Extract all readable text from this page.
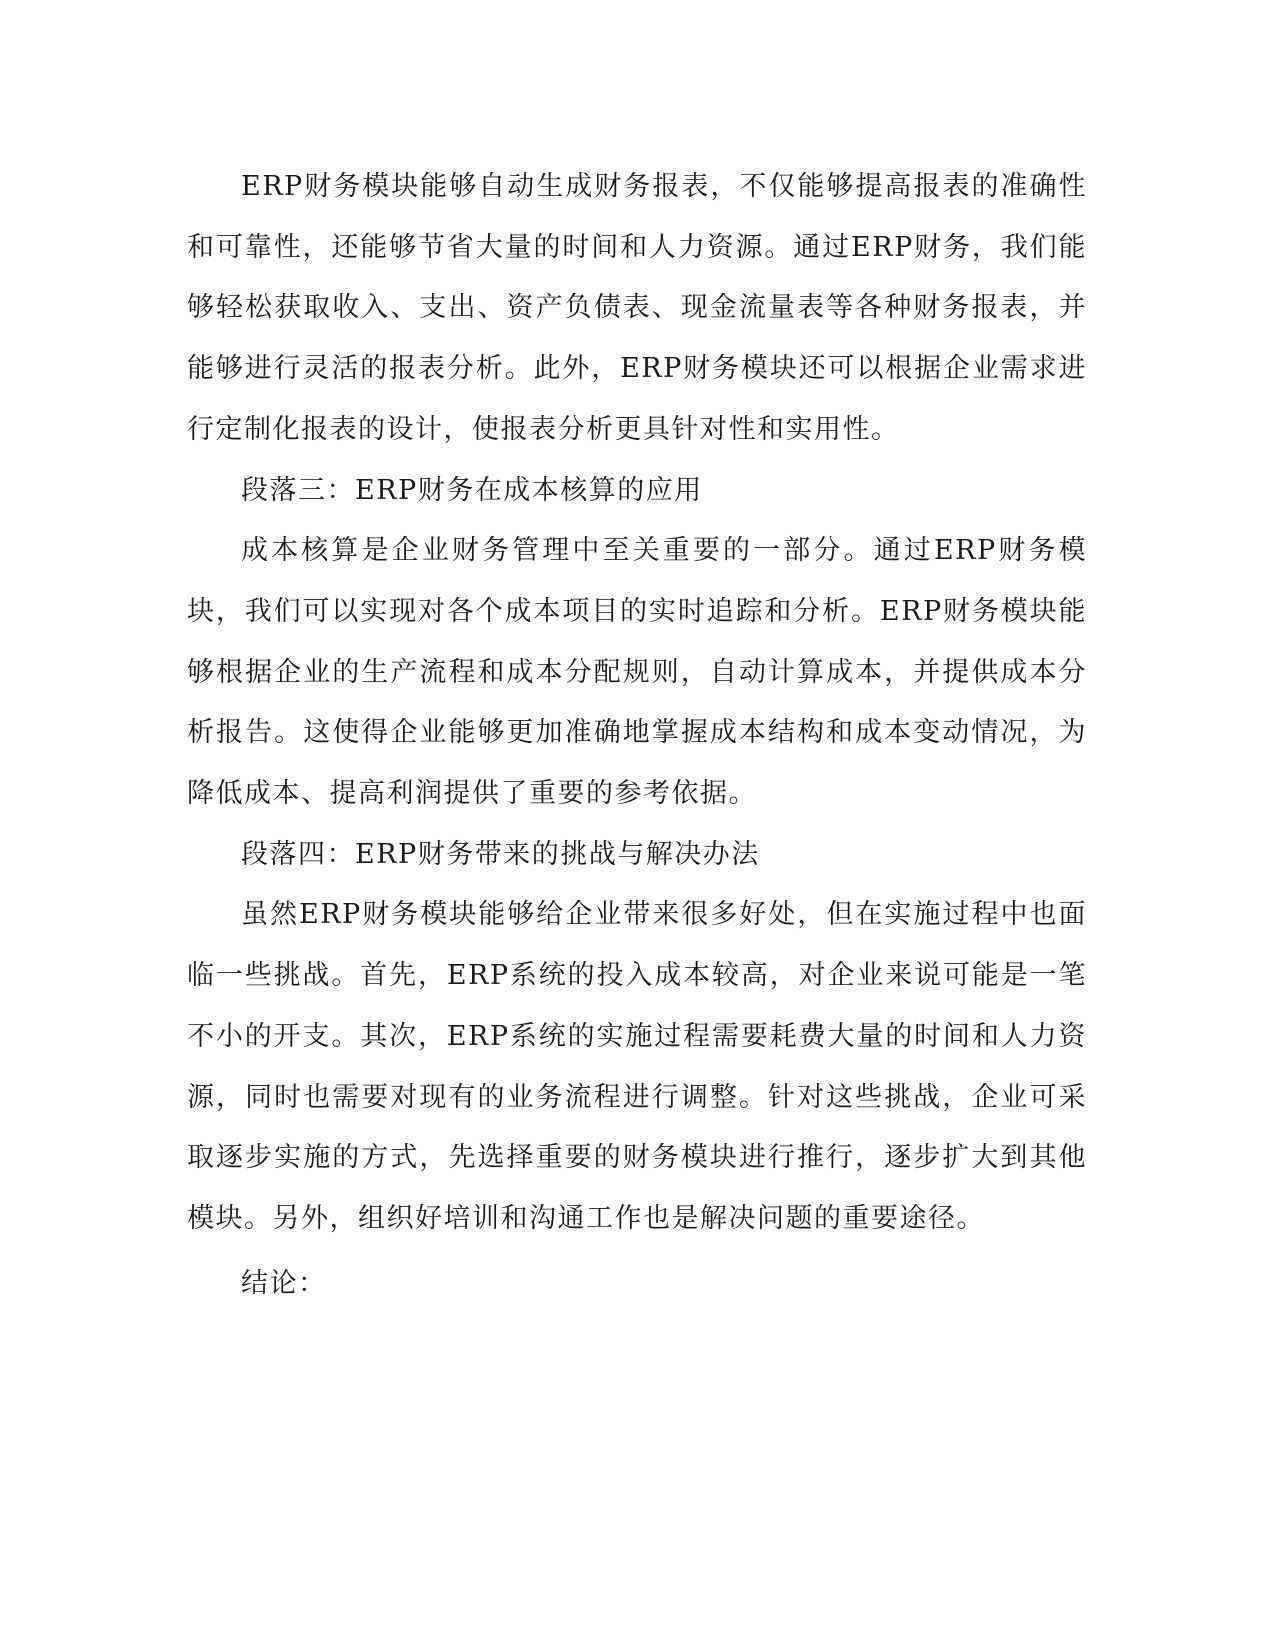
ERP财务模块能够自动生成财务报表，不仅能够提高报表的准确性和可靠性，还能够节省大量的时间和人力资源。通过ERP财务，我们能够轻松获取收入、支出、资产负债表、现金流量表等各种财务报表，并能够进行灵活的报表分析。此外，ERP财务模块还可以根据企业需求进行定制化报表的设计，使报表分析更具针对性和实用性。

段落三：ERP财务在成本核算的应用

成本核算是企业财务管理中至关重要的一部分。通过ERP财务模块，我们可以实现对各个成本项目的实时追踪和分析。ERP财务模块能够根据企业的生产流程和成本分配规则，自动计算成本，并提供成本分析报告。这使得企业能够更加准确地掌握成本结构和成本变动情况，为降低成本、提高利润提供了重要的参考依据。

段落四：ERP财务带来的挑战与解决办法

虽然ERP财务模块能够给企业带来很多好处，但在实施过程中也面临一些挑战。首先，ERP系统的投入成本较高，对企业来说可能是一笔不小的开支。其次，ERP系统的实施过程需要耗费大量的时间和人力资源，同时也需要对现有的业务流程进行调整。针对这些挑战，企业可采取逐步实施的方式，先选择重要的财务模块进行推行，逐步扩大到其他模块。另外，组织好培训和沟通工作也是解决问题的重要途径。

结论：
